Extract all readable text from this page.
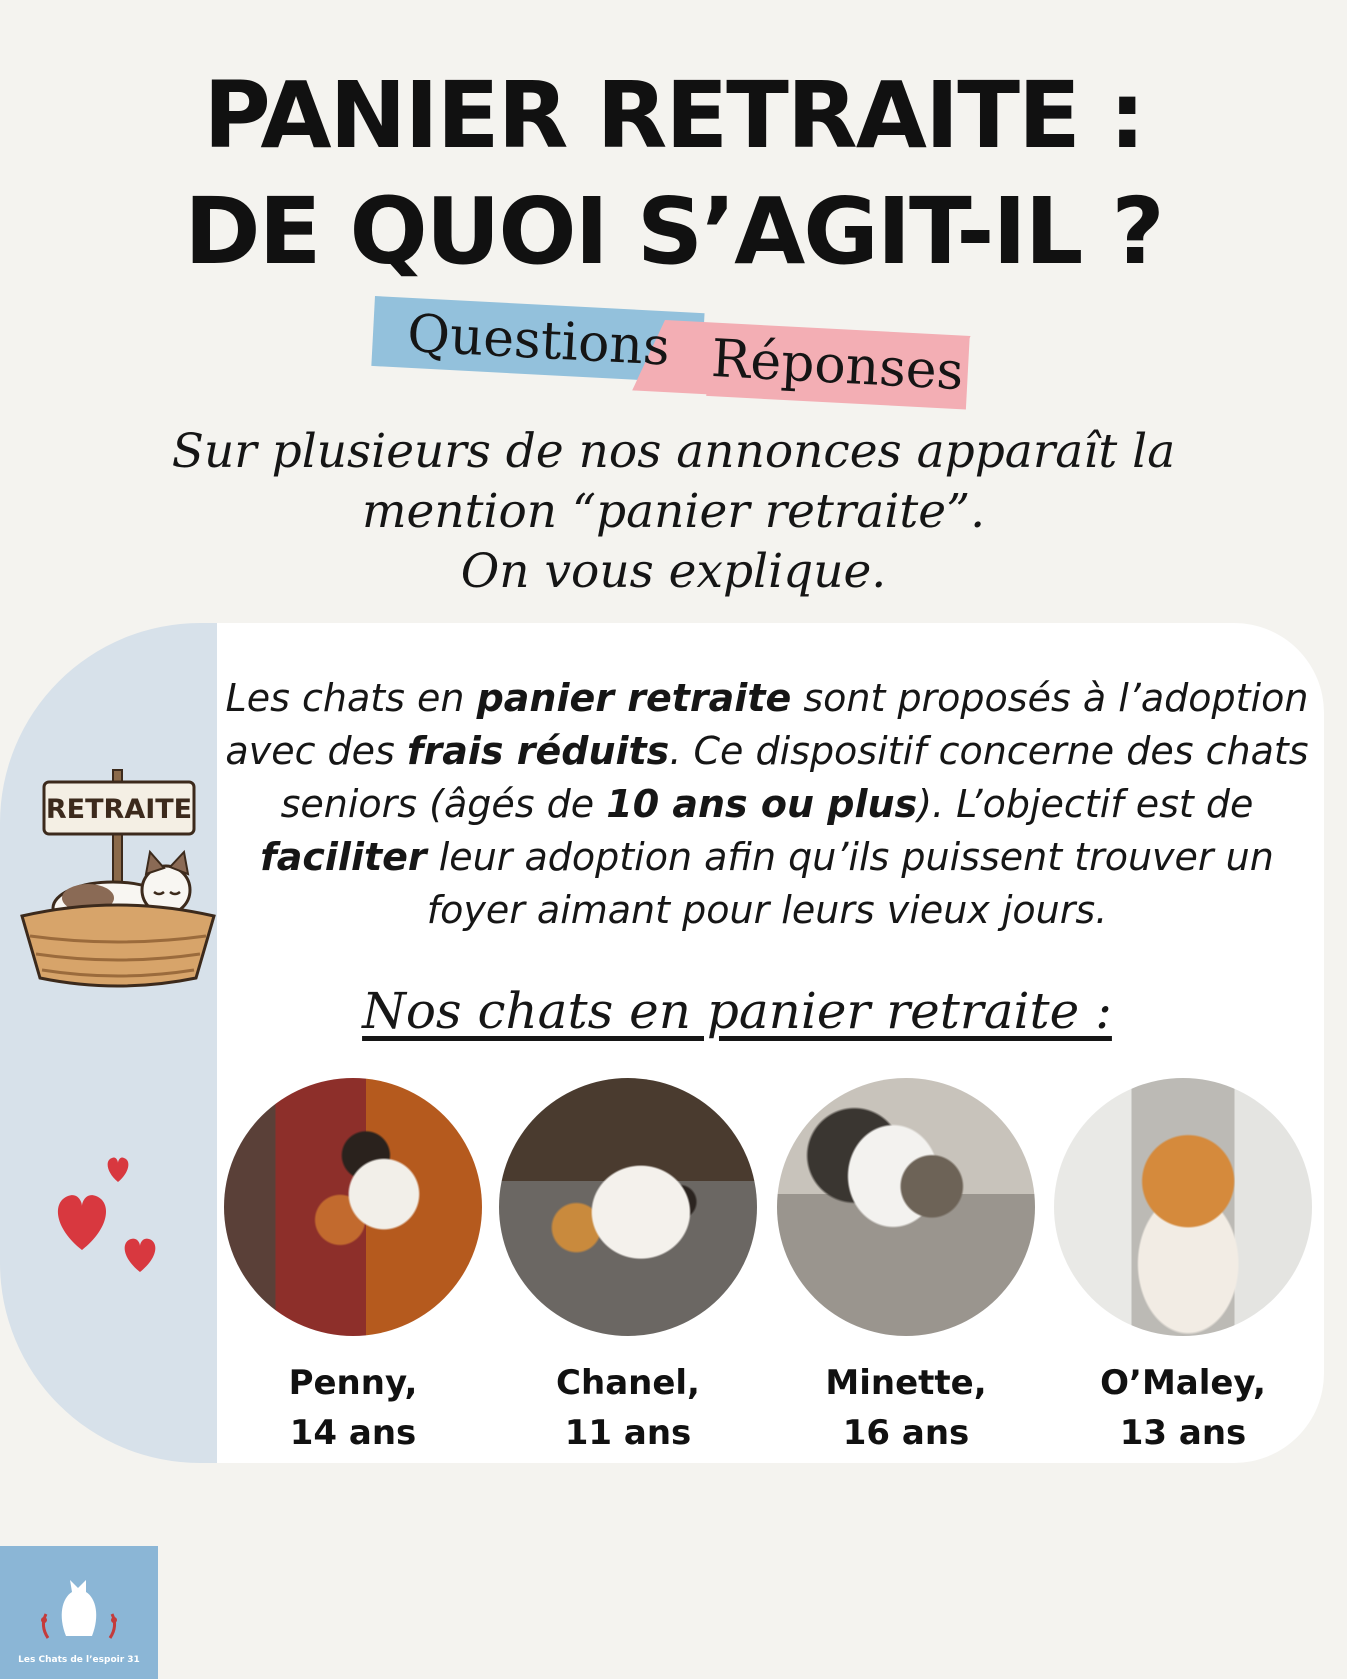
PANIER RETRAITE :
DE QUOI S’AGIT-IL ?
Questions Réponses

Sur plusieurs de nos annonces apparaît la
mention “panier retraite”.
On vous explique.

RETRAITE

Les chats en panier retraite sont proposés à l’adoption avec des frais réduits. Ce dispositif concerne des chats seniors (âgés de 10 ans ou plus). L’objectif est de faciliter leur adoption afin qu’ils puissent trouver un foyer aimant pour leurs vieux jours.

Nos chats en panier retraite :

Penny,
14 ans
Chanel,
11 ans
Minette,
16 ans
O’Maley,
13 ans
Les Chats de l’espoir 31
